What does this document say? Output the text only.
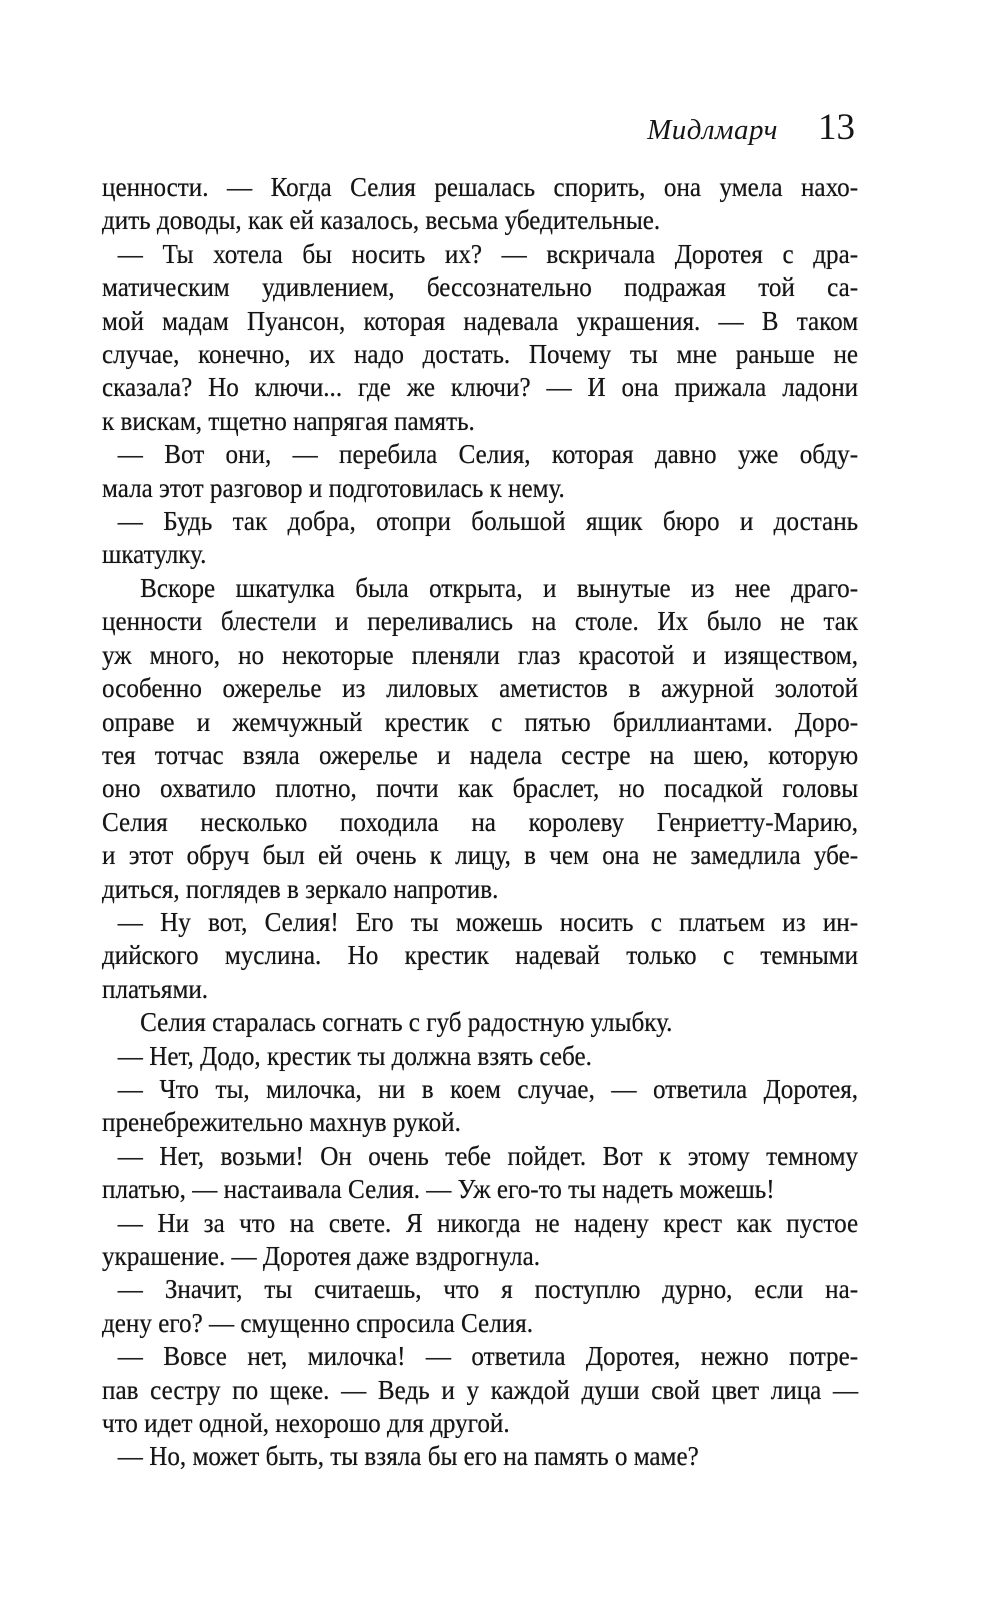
Мидлмарч 13
ценности. — Когда Селия решалась спорить, она умела нахо-
дить доводы, как ей казалось, весьма убедительные.
— Ты хотела бы носить их? — вскричала Доротея с дра-
матическим удивлением, бессознательно подражая той са-
мой мадам Пуансон, которая надевала украшения. — В таком
случае, конечно, их надо достать. Почему ты мне раньше не
сказала? Но ключи... где же ключи? — И она прижала ладони
к вискам, тщетно напрягая память.
— Вот они, — перебила Селия, которая давно уже обду-
мала этот разговор и подготовилась к нему.
— Будь так добра, отопри большой ящик бюро и достань
шкатулку.
Вскоре шкатулка была открыта, и вынутые из нее драго-
ценности блестели и переливались на столе. Их было не так
уж много, но некоторые пленяли глаз красотой и изяществом,
особенно ожерелье из лиловых аметистов в ажурной золотой
оправе и жемчужный крестик с пятью бриллиантами. Доро-
тея тотчас взяла ожерелье и надела сестре на шею, которую
оно охватило плотно, почти как браслет, но посадкой головы
Селия несколько походила на королеву Генриетту-Марию,
и этот обруч был ей очень к лицу, в чем она не замедлила убе-
диться, поглядев в зеркало напротив.
— Ну вот, Селия! Его ты можешь носить с платьем из ин-
дийского муслина. Но крестик надевай только с темными
платьями.
Селия старалась согнать с губ радостную улыбку.
— Нет, Додо, крестик ты должна взять себе.
— Что ты, милочка, ни в коем случае, — ответила Доротея,
пренебрежительно махнув рукой.
— Нет, возьми! Он очень тебе пойдет. Вот к этому темному
платью, — настаивала Селия. — Уж его-то ты надеть можешь!
— Ни за что на свете. Я никогда не надену крест как пустое
украшение. — Доротея даже вздрогнула.
— Значит, ты считаешь, что я поступлю дурно, если на-
дену его? — смущенно спросила Селия.
— Вовсе нет, милочка! — ответила Доротея, нежно потре-
пав сестру по щеке. — Ведь и у каждой души свой цвет лица —
что идет одной, нехорошо для другой.
— Но, может быть, ты взяла бы его на память о маме?
